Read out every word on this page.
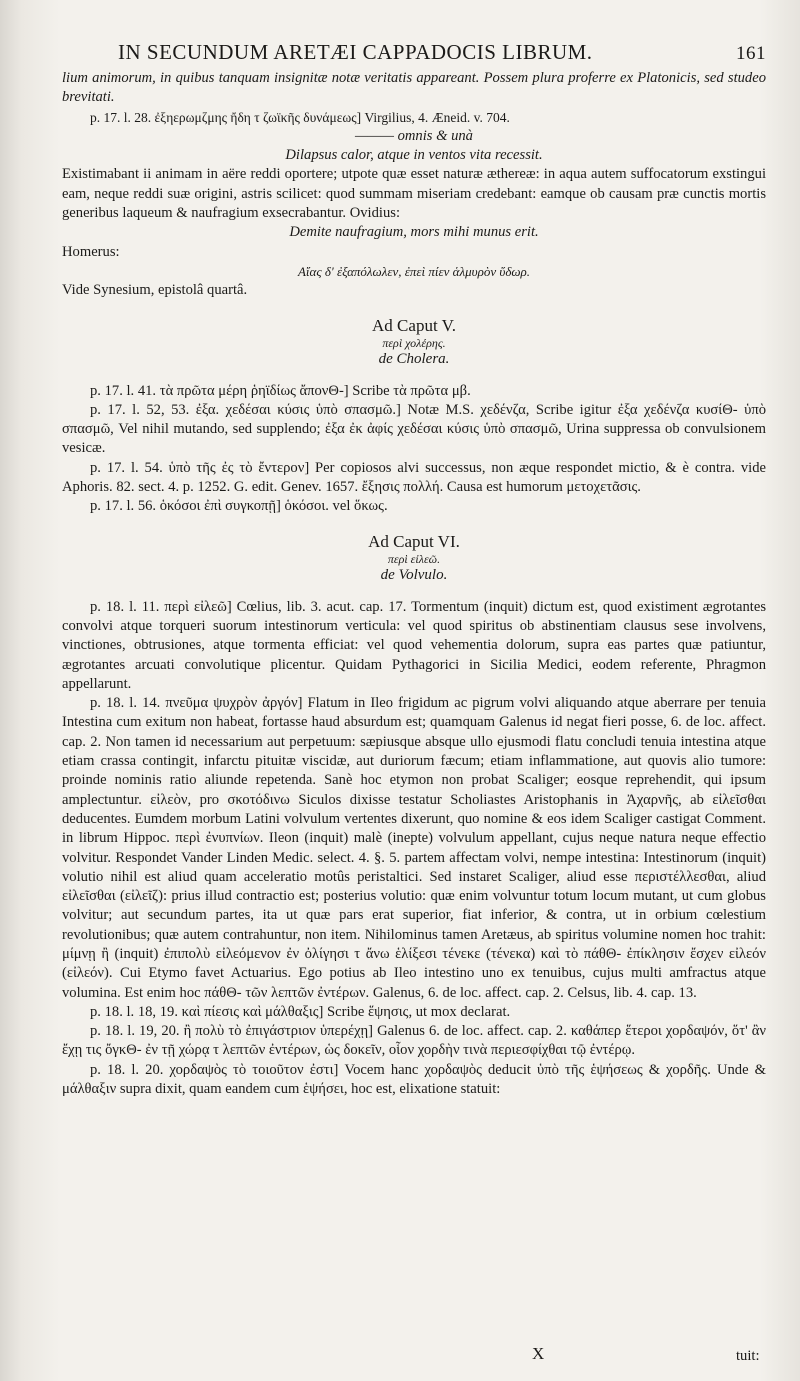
IN SECUNDUM ARETÆI CAPPADOCIS LIBRUM.	161

lium animorum, in quibus tanquam insignitæ notæ veritatis appareant. Possem plura proferre ex Platonicis, sed studeo brevitati.

p. 17. l. 28. ἐξηερωμζμης ἤδη τ ζωϊκῆς δυνάμεως] Virgilius, 4. Æneid. v. 704.

——— omnis & unà

Dilapsus calor, atque in ventos vita recessit.

Existimabant ii animam in aëre reddi oportere; utpote quæ esset naturæ æthereæ: in aqua autem suffocatorum exstingui eam, neque reddi suæ origini, astris scilicet: quod summam miseriam credebant: eamque ob causam præ cunctis mortis generibus laqueum & naufragium exsecrabantur. Ovidius:

Demite naufragium, mors mihi munus erit.

Homerus:

Αἴας δ' ἐξαπόλωλεν, ἐπεὶ πίεν ἁλμυρὸν ὕδωρ.

Vide Synesium, epistolâ quartâ.

Ad Caput V.
περὶ χολέρης.
de Cholera.

p. 17. l. 41. τὰ πρῶτα μέρη ῥηϊδίως ἄπονΘ-] Scribe τὰ πρῶτα μβ.

p. 17. l. 52, 53. ἐξα. χεδέσαι κύσις ὑπὸ σπασμῶ.] Notæ M.S. χεδένζα, Scribe igitur ἐξα χεδένζα κυσίΘ- ὑπὸ σπασμῶ, Vel nihil mutando, sed supplendo; ἐξα ἐκ ἀφίς χεδέσαι κύσις ὑπὸ σπασμῶ, Urina suppressa ob convulsionem vesicæ.

p. 17. l. 54. ὑπὸ τῆς ἐς τὸ ἔντερον] Per copiosos alvi successus, non æque respondet mictio, & è contra. vide Aphoris. 82. sect. 4. p. 1252. G. edit. Genev. 1657. ἔξησις πολλή. Causa est humorum μετοχετᾶσις.

p. 17. l. 56. ὁκόσοι ἐπὶ συγκοπῇ] ὁκόσοι. vel ὅκως.

Ad Caput VI.
περὶ εἰλεῶ.
de Volvulo.

p. 18. l. 11. περὶ εἰλεῶ] Cœlius, lib. 3. acut. cap. 17. Tormentum (inquit) dictum est, quod existiment ægrotantes convolvi atque torqueri suorum intestinorum verticula: vel quod spiritus ob abstinentiam clausus sese involvens, vinctiones, obtrusiones, atque tormenta efficiat: vel quod vehementia dolorum, supra eas partes quæ patiuntur, ægrotantes arcuati convolutique plicentur. Quidam Pythagorici in Sicilia Medici, eodem referente, Phragmon appellarunt.

p. 18. l. 14. πνεῦμα ψυχρὸν ἀργόν] Flatum in Ileo frigidum ac pigrum volvi aliquando atque aberrare per tenuia Intestina cum exitum non habeat, fortasse haud absurdum est; quamquam Galenus id negat fieri posse, 6. de loc. affect. cap. 2. Non tamen id necessarium aut perpetuum: sæpiusque absque ullo ejusmodi flatu concludi tenuia intestina atque etiam crassa contingit, infarctu pituitæ viscidæ, aut duriorum fæcum; etiam inflammatione, aut quovis alio tumore: proinde nominis ratio aliunde repetenda. Sanè hoc etymon non probat Scaliger; eosque reprehendit, qui ipsum amplectuntur. εἰλεὸν, pro σκοτόδινω Siculos dixisse testatur Scholiastes Aristophanis in Ἀχαρνῆς, ab εἰλεῖσθαι deducentes. Eumdem morbum Latini volvulum vertentes dixerunt, quo nomine & eos idem Scaliger castigat Comment. in librum Hippoc. περὶ ἐνυπνίων. Ileon (inquit) malè (inepte) volvulum appellant, cujus neque natura neque effectio volvitur. Respondet Vander Linden Medic. select. 4. §. 5. partem affectam volvi, nempe intestina: Intestinorum (inquit) volutio nihil est aliud quam acceleratio motûs peristaltici. Sed instaret Scaliger, aliud esse περιστέλλεσθαι, aliud εἰλεῖσθαι (εἰλεῖζ): prius illud contractio est; posterius volutio: quæ enim volvuntur totum locum mutant, ut cum globus volvitur; aut secundum partes, ita ut quæ pars erat superior, fiat inferior, & contra, ut in orbium cœlestium revolutionibus; quæ autem contrahuntur, non item. Nihilominus tamen Aretæus, ab spiritus volumine nomen hoc trahit: μίμνῃ ἢ (inquit) ἐπιπολὺ εἰλεόμενον ἐν ὀλίγησι τ ἄνω ἑλίξεσι τένεκε (τένεκα) καὶ τὸ πάθΘ- ἐπίκλησιν ἔσχεν εἰλεόν (εἰλεόν). Cui Etymo favet Actuarius. Ego potius ab Ileo intestino uno ex tenuibus, cujus multi amfractus atque volumina. Est enim hoc πάθΘ- τῶν λεπτῶν ἐντέρων. Galenus, 6. de loc. affect. cap. 2. Celsus, lib. 4. cap. 13.

p. 18. l. 18, 19. καὶ πίεσις καὶ μάλθαξις] Scribe ἕψησις, ut mox declarat.

p. 18. l. 19, 20. ἢ πολὺ τὸ ἐπιγάστριον ὑπερέχῃ] Galenus 6. de loc. affect. cap. 2. καθάπερ ἕτεροι χορδαψόν, ὅτ' ἂν ἔχῃ τις ὄγκΘ- ἐν τῇ χώρᾳ τ λεπτῶν ἐντέρων, ὡς δοκεῖν, οἷον χορδὴν τινὰ περιεσφίχθαι τῷ ἐντέρῳ.

p. 18. l. 20. χορδαψὸς τὸ τοιοῦτον ἐστι] Vocem hanc χορδαψὸς deducit ὑπὸ τῆς ἑψήσεως & χορδῆς. Unde & μάλθαξιν supra dixit, quam eandem cum ἑψήσει, hoc est, elixatione statuit:

X	tuit:
